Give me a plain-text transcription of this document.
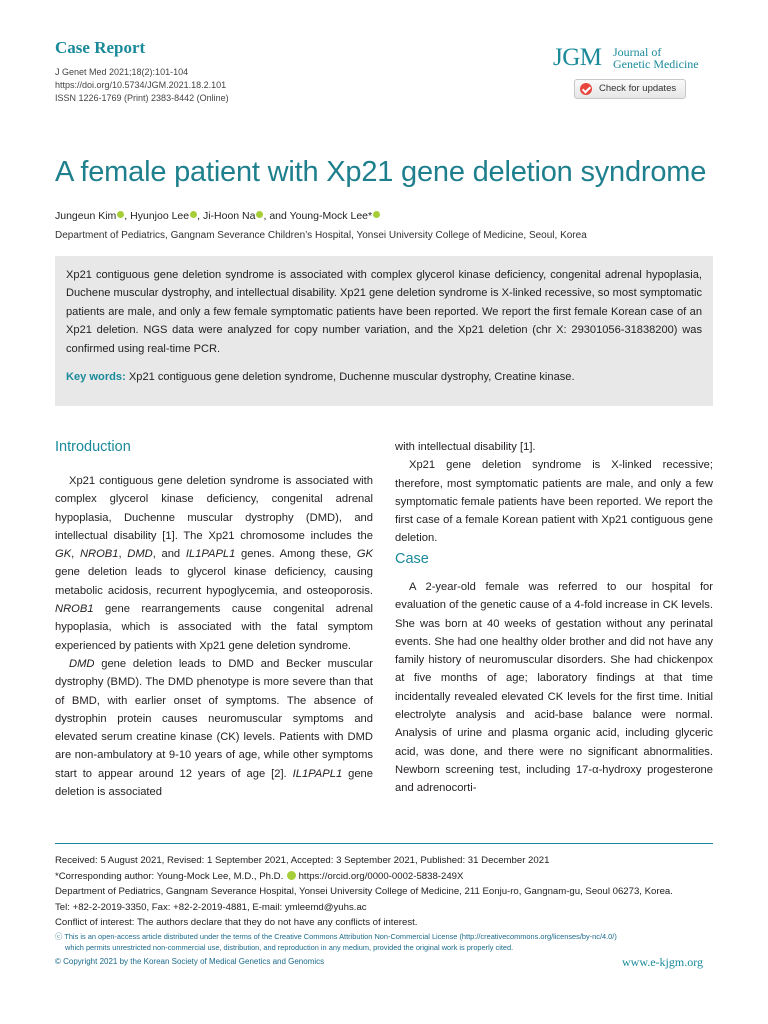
Case Report
J Genet Med 2021;18(2):101-104
https://doi.org/10.5734/JGM.2021.18.2.101
ISSN 1226-1769 (Print) 2383-8442 (Online)
JGM Journal of
Genetic Medicine
Check for updates
A female patient with Xp21 gene deletion syndrome
Jungeun Kim , Hyunjoo Lee , Ji-Hoon Na , and Young-Mock Lee*
Department of Pediatrics, Gangnam Severance Children’s Hospital, Yonsei University College of Medicine, Seoul, Korea
Xp21 contiguous gene deletion syndrome is associated with complex glycerol kinase deficiency, congenital adrenal hypoplasia, Duchene muscular dystrophy, and intellectual disability. Xp21 gene deletion syndrome is X-linked recessive, so most symptomatic patients are male, and only a few female symptomatic patients have been reported. We report the first female Korean case of an Xp21 deletion. NGS data were analyzed for copy number variation, and the Xp21 deletion (chr X: 29301056-31838200) was confirmed using real-time PCR.
Key words: Xp21 contiguous gene deletion syndrome, Duchenne muscular dystrophy, Creatine kinase.
Introduction

Xp21 contiguous gene deletion syndrome is associated with complex glycerol kinase deficiency, congenital adrenal hypoplasia, Duchenne muscular dystrophy (DMD), and intellectual disability [1]. The Xp21 chromosome includes the GK, NROB1, DMD, and IL1PAPL1 genes. Among these, GK gene deletion leads to glycerol kinase deficiency, causing metabolic acidosis, recurrent hypoglycemia, and osteoporosis. NROB1 gene rearrangements cause congenital adrenal hypoplasia, which is associated with the fatal symptom experienced by patients with Xp21 gene deletion syndrome.

DMD gene deletion leads to DMD and Becker muscular dystrophy (BMD). The DMD phenotype is more severe than that of BMD, with earlier onset of symptoms. The absence of dystrophin protein causes neuromuscular symptoms and elevated serum creatine kinase (CK) levels. Patients with DMD are non-ambulatory at 9-10 years of age, while other symptoms start to appear around 12 years of age [2]. IL1PAPL1 gene deletion is associated

with intellectual disability [1].

Xp21 gene deletion syndrome is X-linked recessive; therefore, most symptomatic patients are male, and only a few symptomatic female patients have been reported. We report the first case of a female Korean patient with Xp21 contiguous gene deletion.

Case

A 2-year-old female was referred to our hospital for evaluation of the genetic cause of a 4-fold increase in CK levels. She was born at 40 weeks of gestation without any perinatal events. She had one healthy older brother and did not have any family history of neuromuscular disorders. She had chickenpox at five months of age; laboratory findings at that time incidentally revealed elevated CK levels for the first time. Initial electrolyte analysis and acid-base balance were normal. Analysis of urine and plasma organic acid, including glyceric acid, was done, and there were no significant abnormalities. Newborn screening test, including 17-α-hydroxy progesterone and adrenocorti-

Received: 5 August 2021, Revised: 1 September 2021, Accepted: 3 September 2021, Published: 31 December 2021
*Corresponding author: Young-Mock Lee, M.D., Ph.D.  https://orcid.org/0000-0002-5838-249X
Department of Pediatrics, Gangnam Severance Hospital, Yonsei University College of Medicine, 211 Eonju-ro, Gangnam-gu, Seoul 06273, Korea.
Tel: +82-2-2019-3350, Fax: +82-2-2019-4881, E-mail: ymleemd@yuhs.ac
Conflict of interest: The authors declare that they do not have any conflicts of interest.
ⓒ This is an open-access article distributed under the terms of the Creative Commons Attribution Non-Commercial License (http://creativecommons.org/licenses/by-nc/4.0/)
which permits unrestricted non-commercial use, distribution, and reproduction in any medium, provided the original work is properly cited.
© Copyright 2021 by the Korean Society of Medical Genetics and Genomics	www.e-kjgm.org
